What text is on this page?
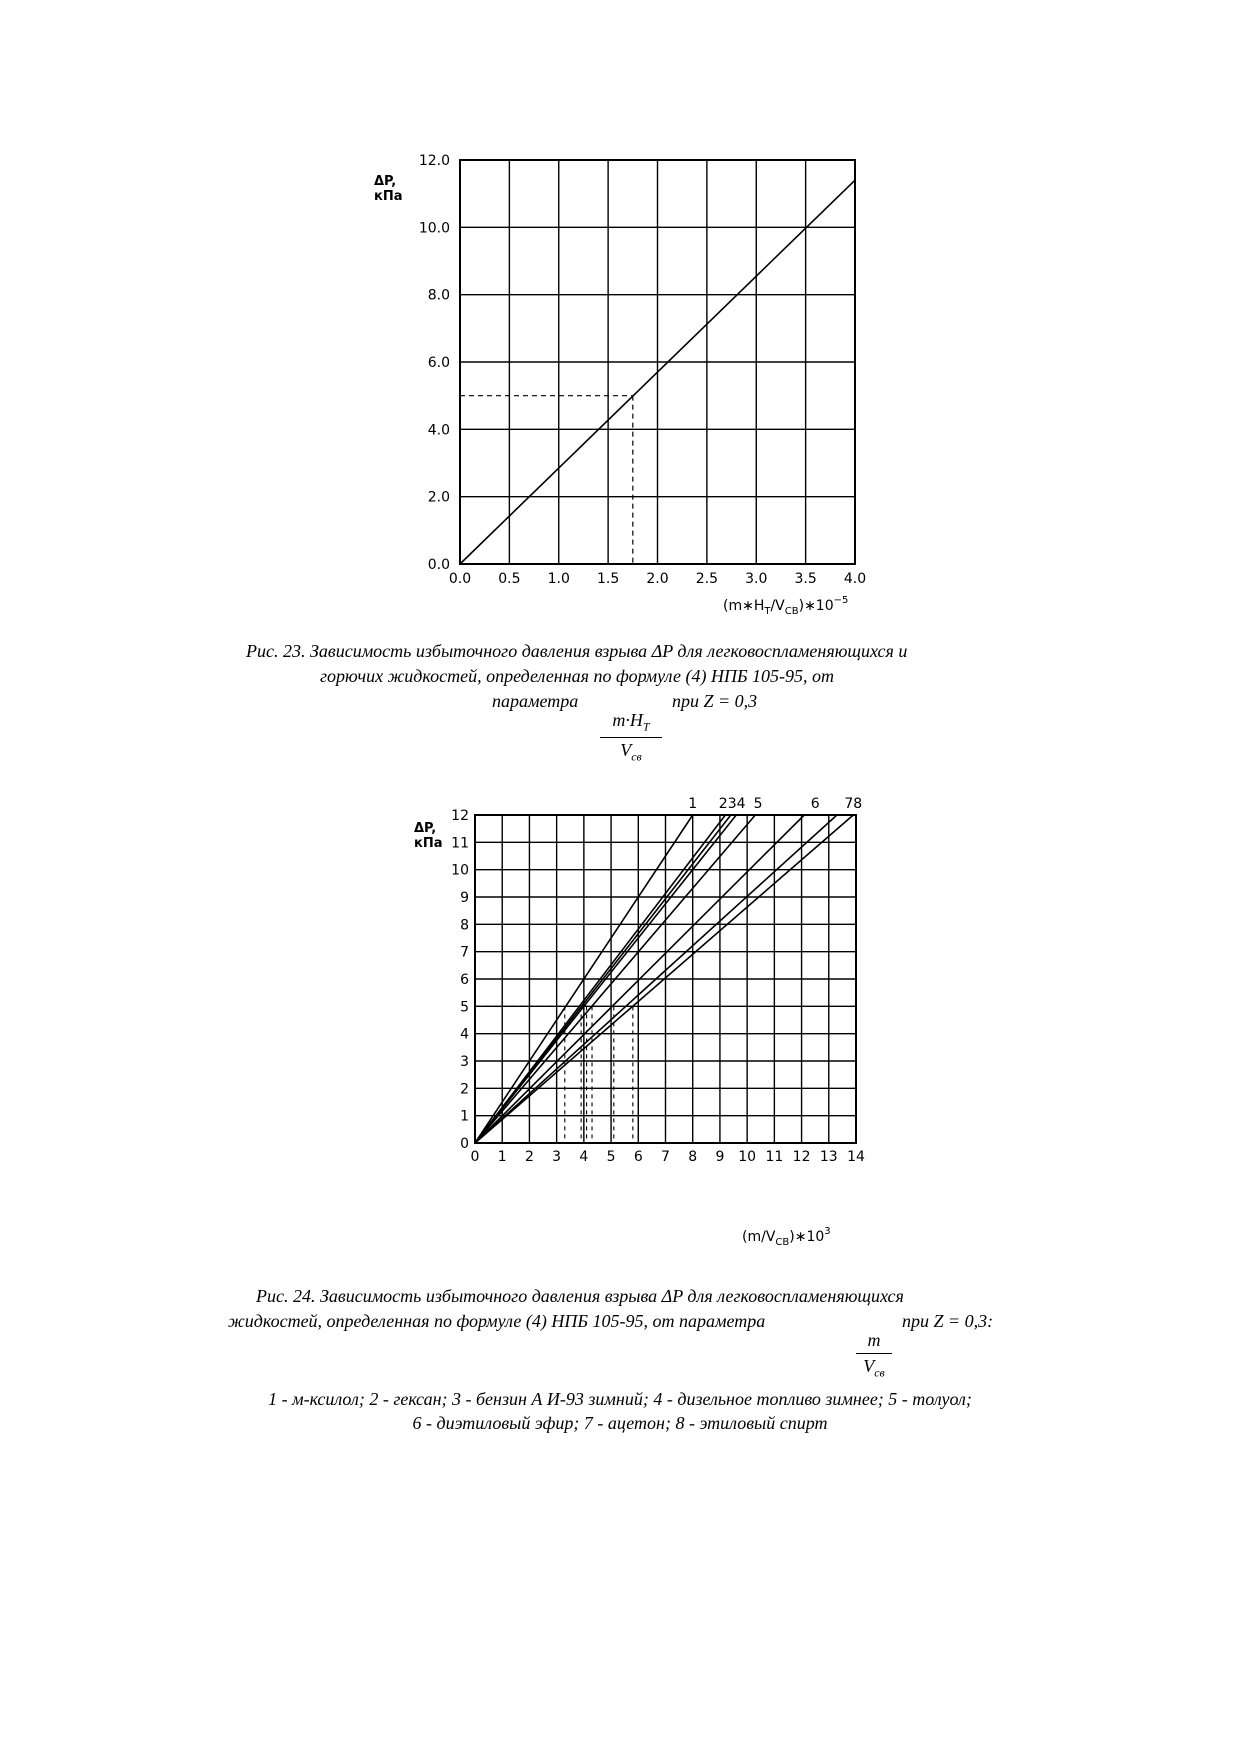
ΔP,
кПа
0.0 0.5 1.0 1.5 2.0 2.5 3.0 3.5 4.0
0.0
2.0
4.0
6.0
8.0
10.0
12.0
$(m∗H_T/V_{CB})∗10^{-5}$
Рис. 23. Зависимость избыточного давления взрыва ΔP для легковоспламеняющихся и
горючих жидкостей, определенная по формуле (4) НПБ 105-95, от
параметра	при Z = 0,3
$m\cdot H_T$
$V_{св}$
ΔP,
кПа
0 1 2 3 4 5 6 7 8 9 10 11 12 13 14
0
1
2
3
4
5
6
7
8
9
10
11
12
1 234 5	6 78
$(m/V_{CB})∗10^3$
Рис. 24. Зависимость избыточного давления взрыва ΔP для легковоспламеняющихся
жидкостей, определенная по формуле (4) НПБ 105-95, от параметра	при Z = 0,3:
m
$V_{св}$
1 - м-ксилол; 2 - гексан; 3 - бензин А И-93 зимний; 4 - дизельное топливо зимнее; 5 - толуол;
6 - диэтиловый эфир; 7 - ацетон; 8 - этиловый спирт
